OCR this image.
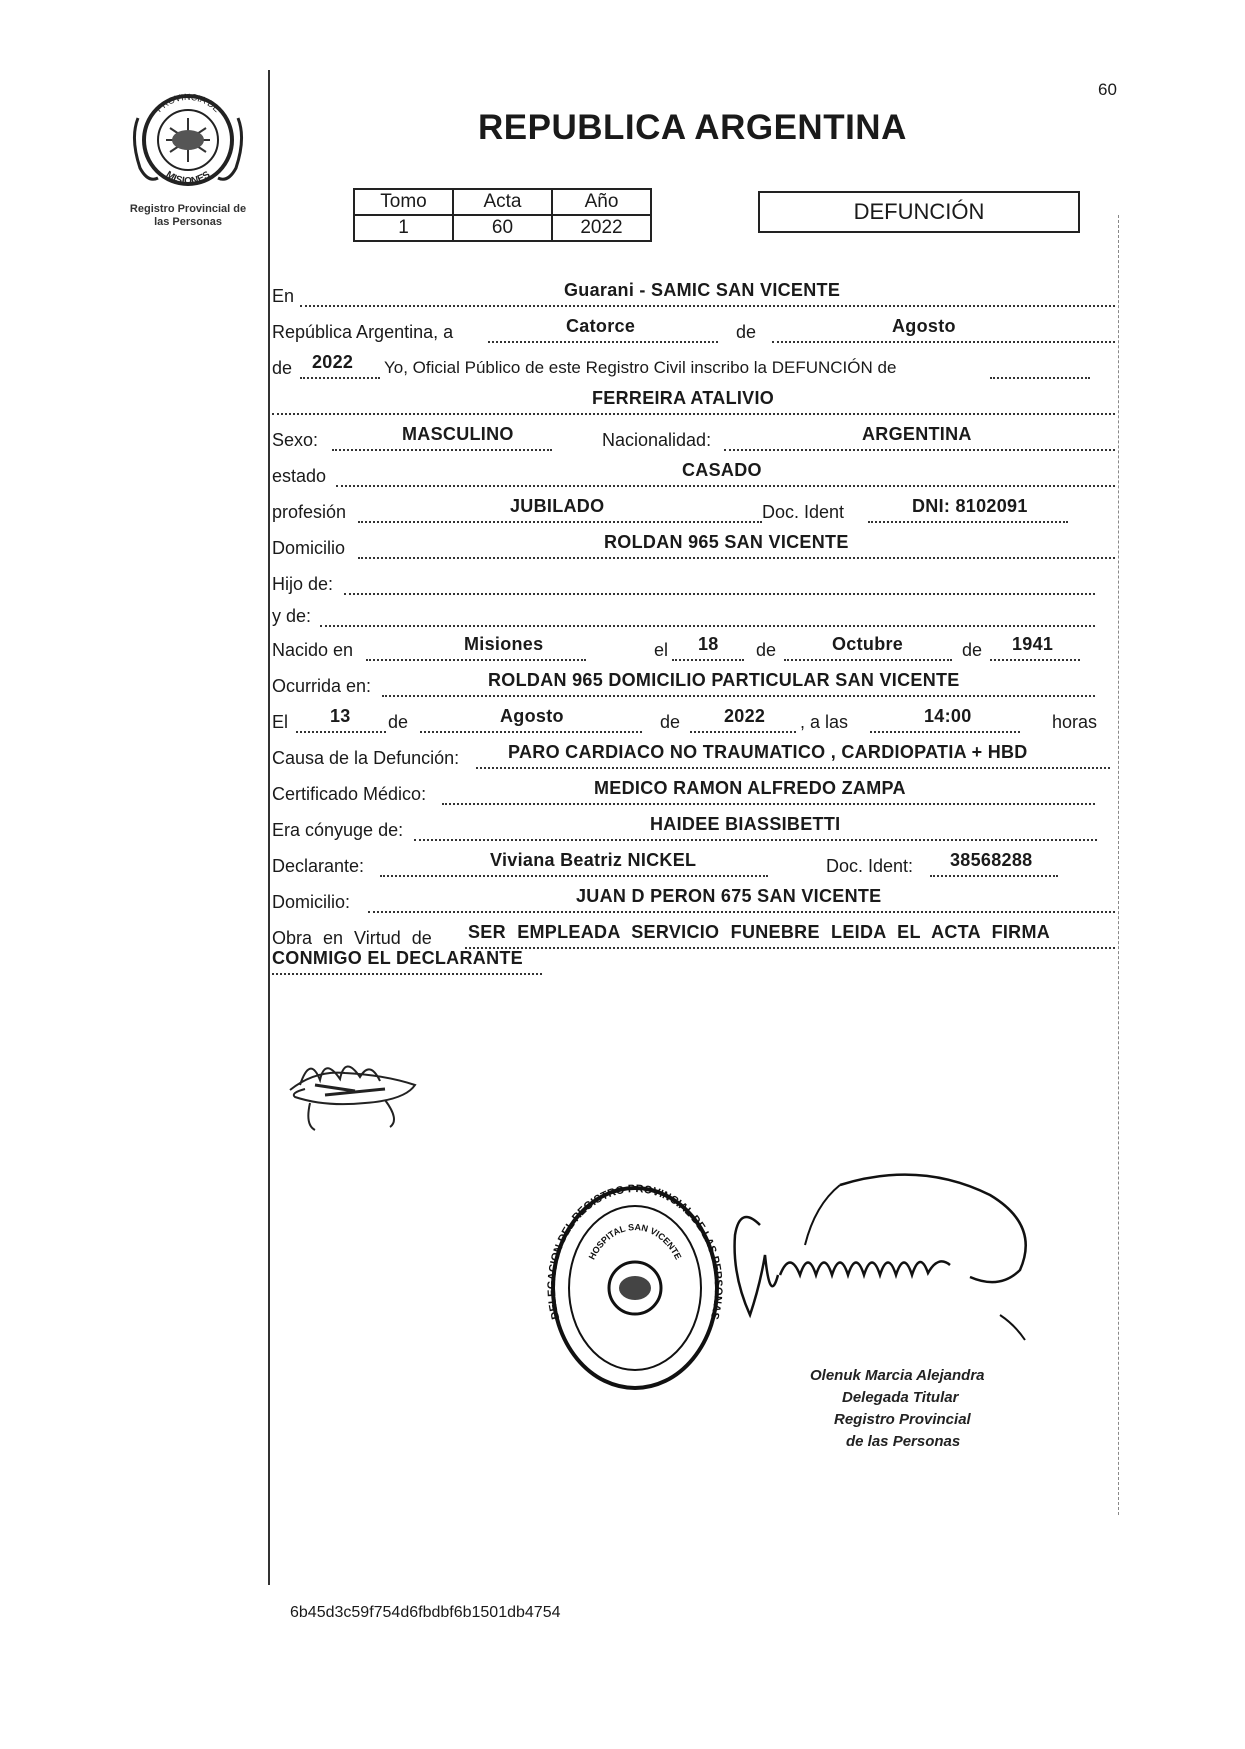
60
PROVINCIA DE
MISIONES
Registro Provincial de
las Personas
REPUBLICA ARGENTINA
Tomo	Acta	Año
1	60	2022
DEFUNCIÓN
En	Guarani - SAMIC SAN VICENTE
República Argentina, a	Catorce	de	Agosto
de 2022 Yo, Oficial Público de este Registro Civil inscribo la DEFUNCIÓN de
FERREIRA ATALIVIO
Sexo:	MASCULINO	Nacionalidad:	ARGENTINA
estado	CASADO
profesión	JUBILADO	Doc. Ident	DNI: 8102091
Domicilio	ROLDAN 965 SAN VICENTE
Hijo de:
y de:
Nacido en	Misiones	el 18 de	Octubre	de 1941
Ocurrida en:	ROLDAN 965 DOMICILIO PARTICULAR SAN VICENTE
El 13 de	Agosto	de 2022 , a las	14:00	horas
Causa de la Defunción:	PARO CARDIACO NO TRAUMATICO , CARDIOPATIA + HBD
Certificado Médico:	MEDICO RAMON ALFREDO ZAMPA
Era cónyuge de:	HAIDEE BIASSIBETTI
Declarante:	Viviana Beatriz NICKEL	Doc. Ident: 38568288
Domicilio:	JUAN D PERON 675 SAN VICENTE
Obra en Virtud de SER EMPLEADA SERVICIO FUNEBRE LEIDA EL ACTA FIRMA
CONMIGO EL DECLARANTE
DELEGACION DEL REGISTRO PROVINCIAL DE LAS PERSONAS
HOSPITAL SAN VICENTE
Olenuk Marcia Alejandra
Delegada Titular
Registro Provincial
de las Personas
6b45d3c59f754d6fbdbf6b1501db4754
